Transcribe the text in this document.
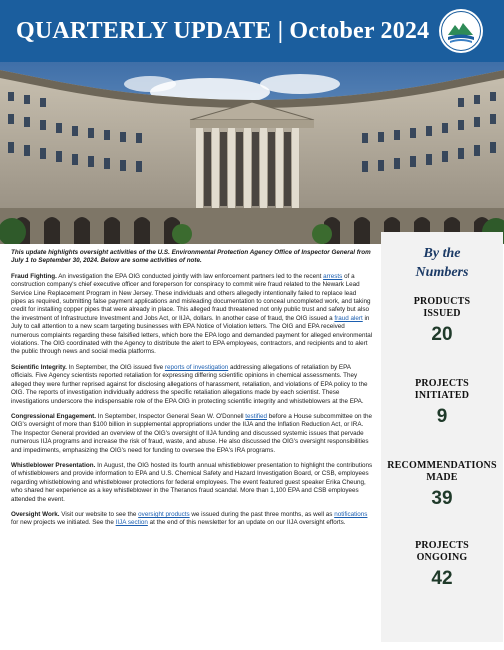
QUARTERLY UPDATE | October 2024

This update highlights oversight activities of the U.S. Environmental Protection Agency Office of Inspector General from July 1 to September 30, 2024. Below are some activities of note.

Fraud Fighting. An investigation the EPA OIG conducted jointly with law enforcement partners led to the recent arrests of a construction company's chief executive officer and foreperson for conspiracy to commit wire fraud related to the Newark Lead Service Line Replacement Program in New Jersey. These individuals and others allegedly intentionally failed to replace lead pipes as required, submitting false payment applications and misleading documentation to conceal uncompleted work, and taking credit for installing copper pipes that were already in place. This alleged fraud threatened not only public trust and safety but also the investment of Infrastructure Investment and Jobs Act, or IIJA, dollars. In another case of fraud, the OIG issued a fraud alert in July to call attention to a new scam targeting businesses with EPA Notice of Violation letters. The OIG and EPA received numerous complaints regarding these falsified letters, which bore the EPA logo and demanded payment for alleged environmental violations. The OIG coordinated with the Agency to distribute the alert to EPA employees, contractors, and recipients and to alert the public through news and social media platforms.

Scientific Integrity. In September, the OIG issued five reports of investigation addressing allegations of retaliation by EPA officials. Five Agency scientists reported retaliation for expressing differing scientific opinions in chemical assessments. They alleged they were further reprised against for disclosing allegations of harassment, retaliation, and violations of EPA policy to the OIG. The reports of investigation individually address the specific retaliation allegations made by each scientist. These investigations underscore the indispensable role of the EPA OIG in protecting scientific integrity and whistleblowers at the EPA.

Congressional Engagement. In September, Inspector General Sean W. O'Donnell testified before a House subcommittee on the OIG's oversight of more than $100 billion in supplemental appropriations under the IIJA and the Inflation Reduction Act, or IRA. The Inspector General provided an overview of the OIG's oversight of IIJA funding and discussed systemic issues that pervade numerous IIJA programs and increase the risk of fraud, waste, and abuse. He also discussed the OIG's oversight responsibilities and impediments, emphasizing the OIG's need for funding to oversee the EPA's IRA programs.

Whistleblower Presentation. In August, the OIG hosted its fourth annual whistleblower presentation to highlight the contributions of whistleblowers and provide information to EPA and U.S. Chemical Safety and Hazard Investigation Board, or CSB, employees regarding whistleblowing and whistleblower protections for federal employees. The event featured guest speaker Erika Cheung, who shared her experience as a key whistleblower in the Theranos fraud scandal. More than 1,100 EPA and CSB employees attended the event.

Oversight Work. Visit our website to see the oversight products we issued during the past three months, as well as notifications for new projects we initiated. See the IIJA section at the end of this newsletter for an update on our IIJA oversight efforts.

By the
Numbers
PRODUCTS
ISSUED
20
PROJECTS
INITIATED
9
RECOMMENDATIONS
MADE
39
PROJECTS
ONGOING
42
